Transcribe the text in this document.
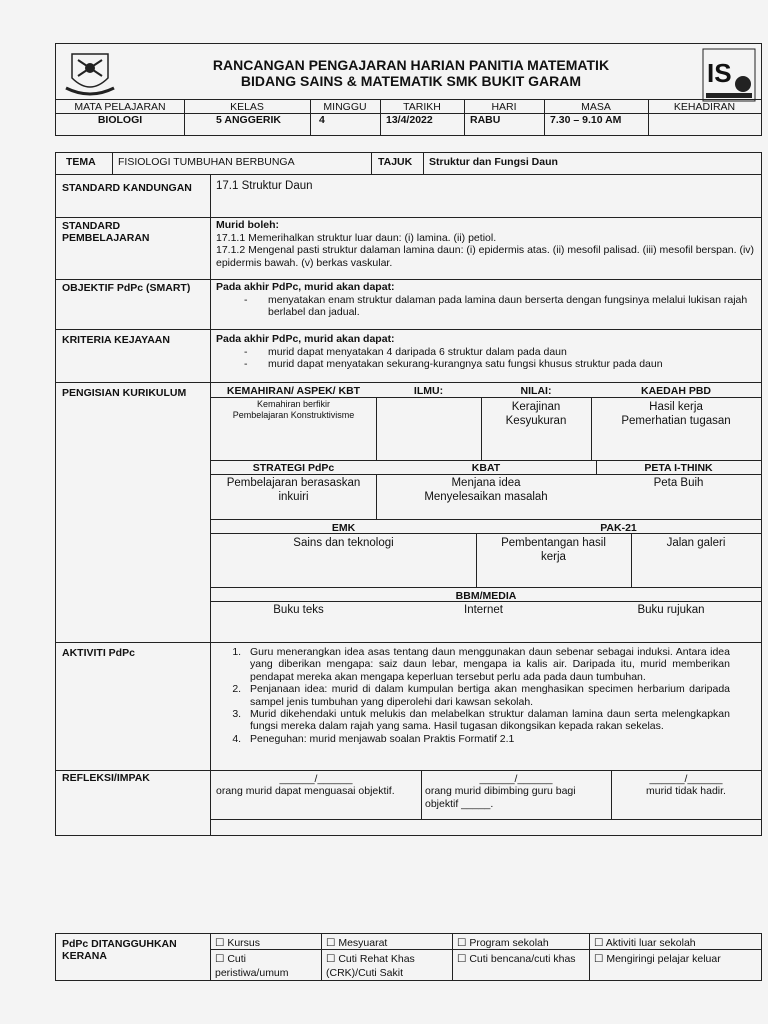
IS
RANCANGAN PENGAJARAN HARIAN PANITIA MATEMATIK
BIDANG SAINS & MATEMATIK SMK BUKIT GARAM
MATA PELAJARAN
BIOLOGI
KELAS
5 ANGGERIK
MINGGU
4
TARIKH
13/4/2022
HARI
RABU
MASA
7.30 – 9.10 AM
KEHADIRAN
TEMA	FISIOLOGI TUMBUHAN BERBUNGA	TAJUK	Struktur dan Fungsi Daun
STANDARD KANDUNGAN	17.1 Struktur Daun
STANDARD PEMBELAJARAN
Murid boleh:
17.1.1 Memerihalkan struktur luar daun: (i) lamina. (ii) petiol.
17.1.2 Mengenal pasti struktur dalaman lamina daun: (i) epidermis atas. (ii) mesofil palisad. (iii) mesofil berspan. (iv) epidermis bawah. (v) berkas vaskular.
OBJEKTIF PdPc (SMART)	Pada akhir PdPc, murid akan dapat:
- menyatakan enam struktur dalaman pada lamina daun berserta dengan fungsinya melalui lukisan rajah berlabel dan jadual.
KRITERIA KEJAYAAN	Pada akhir PdPc, murid akan dapat:
- murid dapat menyatakan 4 daripada 6 struktur dalam pada daun
- murid dapat menyatakan sekurang-kurangnya satu fungsi khusus struktur pada daun
PENGISIAN KURIKULUM	KEMAHIRAN/ ASPEK/ KBT	ILMU:	NILAI:	KAEDAH PBD
Kemahiran berfikir
Pembelajaran Konstruktivisme
Kerajinan
Kesyukuran
Hasil kerja
Pemerhatian tugasan
STRATEGI PdPc	KBAT	PETA I-THINK
Pembelajaran berasaskan
inkuiri
Menjana idea
Menyelesaikan masalah
Peta Buih
EMK	PAK-21
Sains dan teknologi	Pembentangan hasil
kerja
Jalan galeri
BBM/MEDIA
Buku teks	Internet	Buku rujukan
AKTIVITI PdPc
1.	Guru menerangkan idea asas tentang daun menggunakan daun sebenar sebagai induksi. Antara idea yang diberikan mengapa: saiz daun lebar, mengapa ia kalis air. Daripada itu, murid memberikan pendapat mereka akan mengapa keperluan tersebut perlu ada pada daun tumbuhan.
2. Penjanaan idea: murid di dalam kumpulan bertiga akan menghasikan specimen herbarium daripada sampel jenis tumbuhan yang diperolehi dari kawsan sekolah.
3. Murid dikehendaki untuk melukis dan melabelkan struktur dalaman lamina daun serta melengkapkan fungsi mereka dalam rajah yang sama. Hasil tugasan dikongsikan kepada rakan sekelas.
4. Peneguhan: murid menjawab soalan Praktis Formatif 2.1
REFLEKSI/IMPAK	______/______
orang murid dapat menguasai objektif.
______/______
orang murid dibimbing guru bagi objektif _____.
______/______
murid tidak hadir.
PdPc DITANGGUHKAN KERANA
☐ Kursus	☐ Mesyuarat	☐ Program sekolah	☐ Aktiviti luar sekolah
☐ Cuti peristiwa/umum
☐ Cuti Rehat Khas (CRK)/Cuti Sakit
☐ Cuti bencana/cuti khas	☐ Mengiringi pelajar keluar
